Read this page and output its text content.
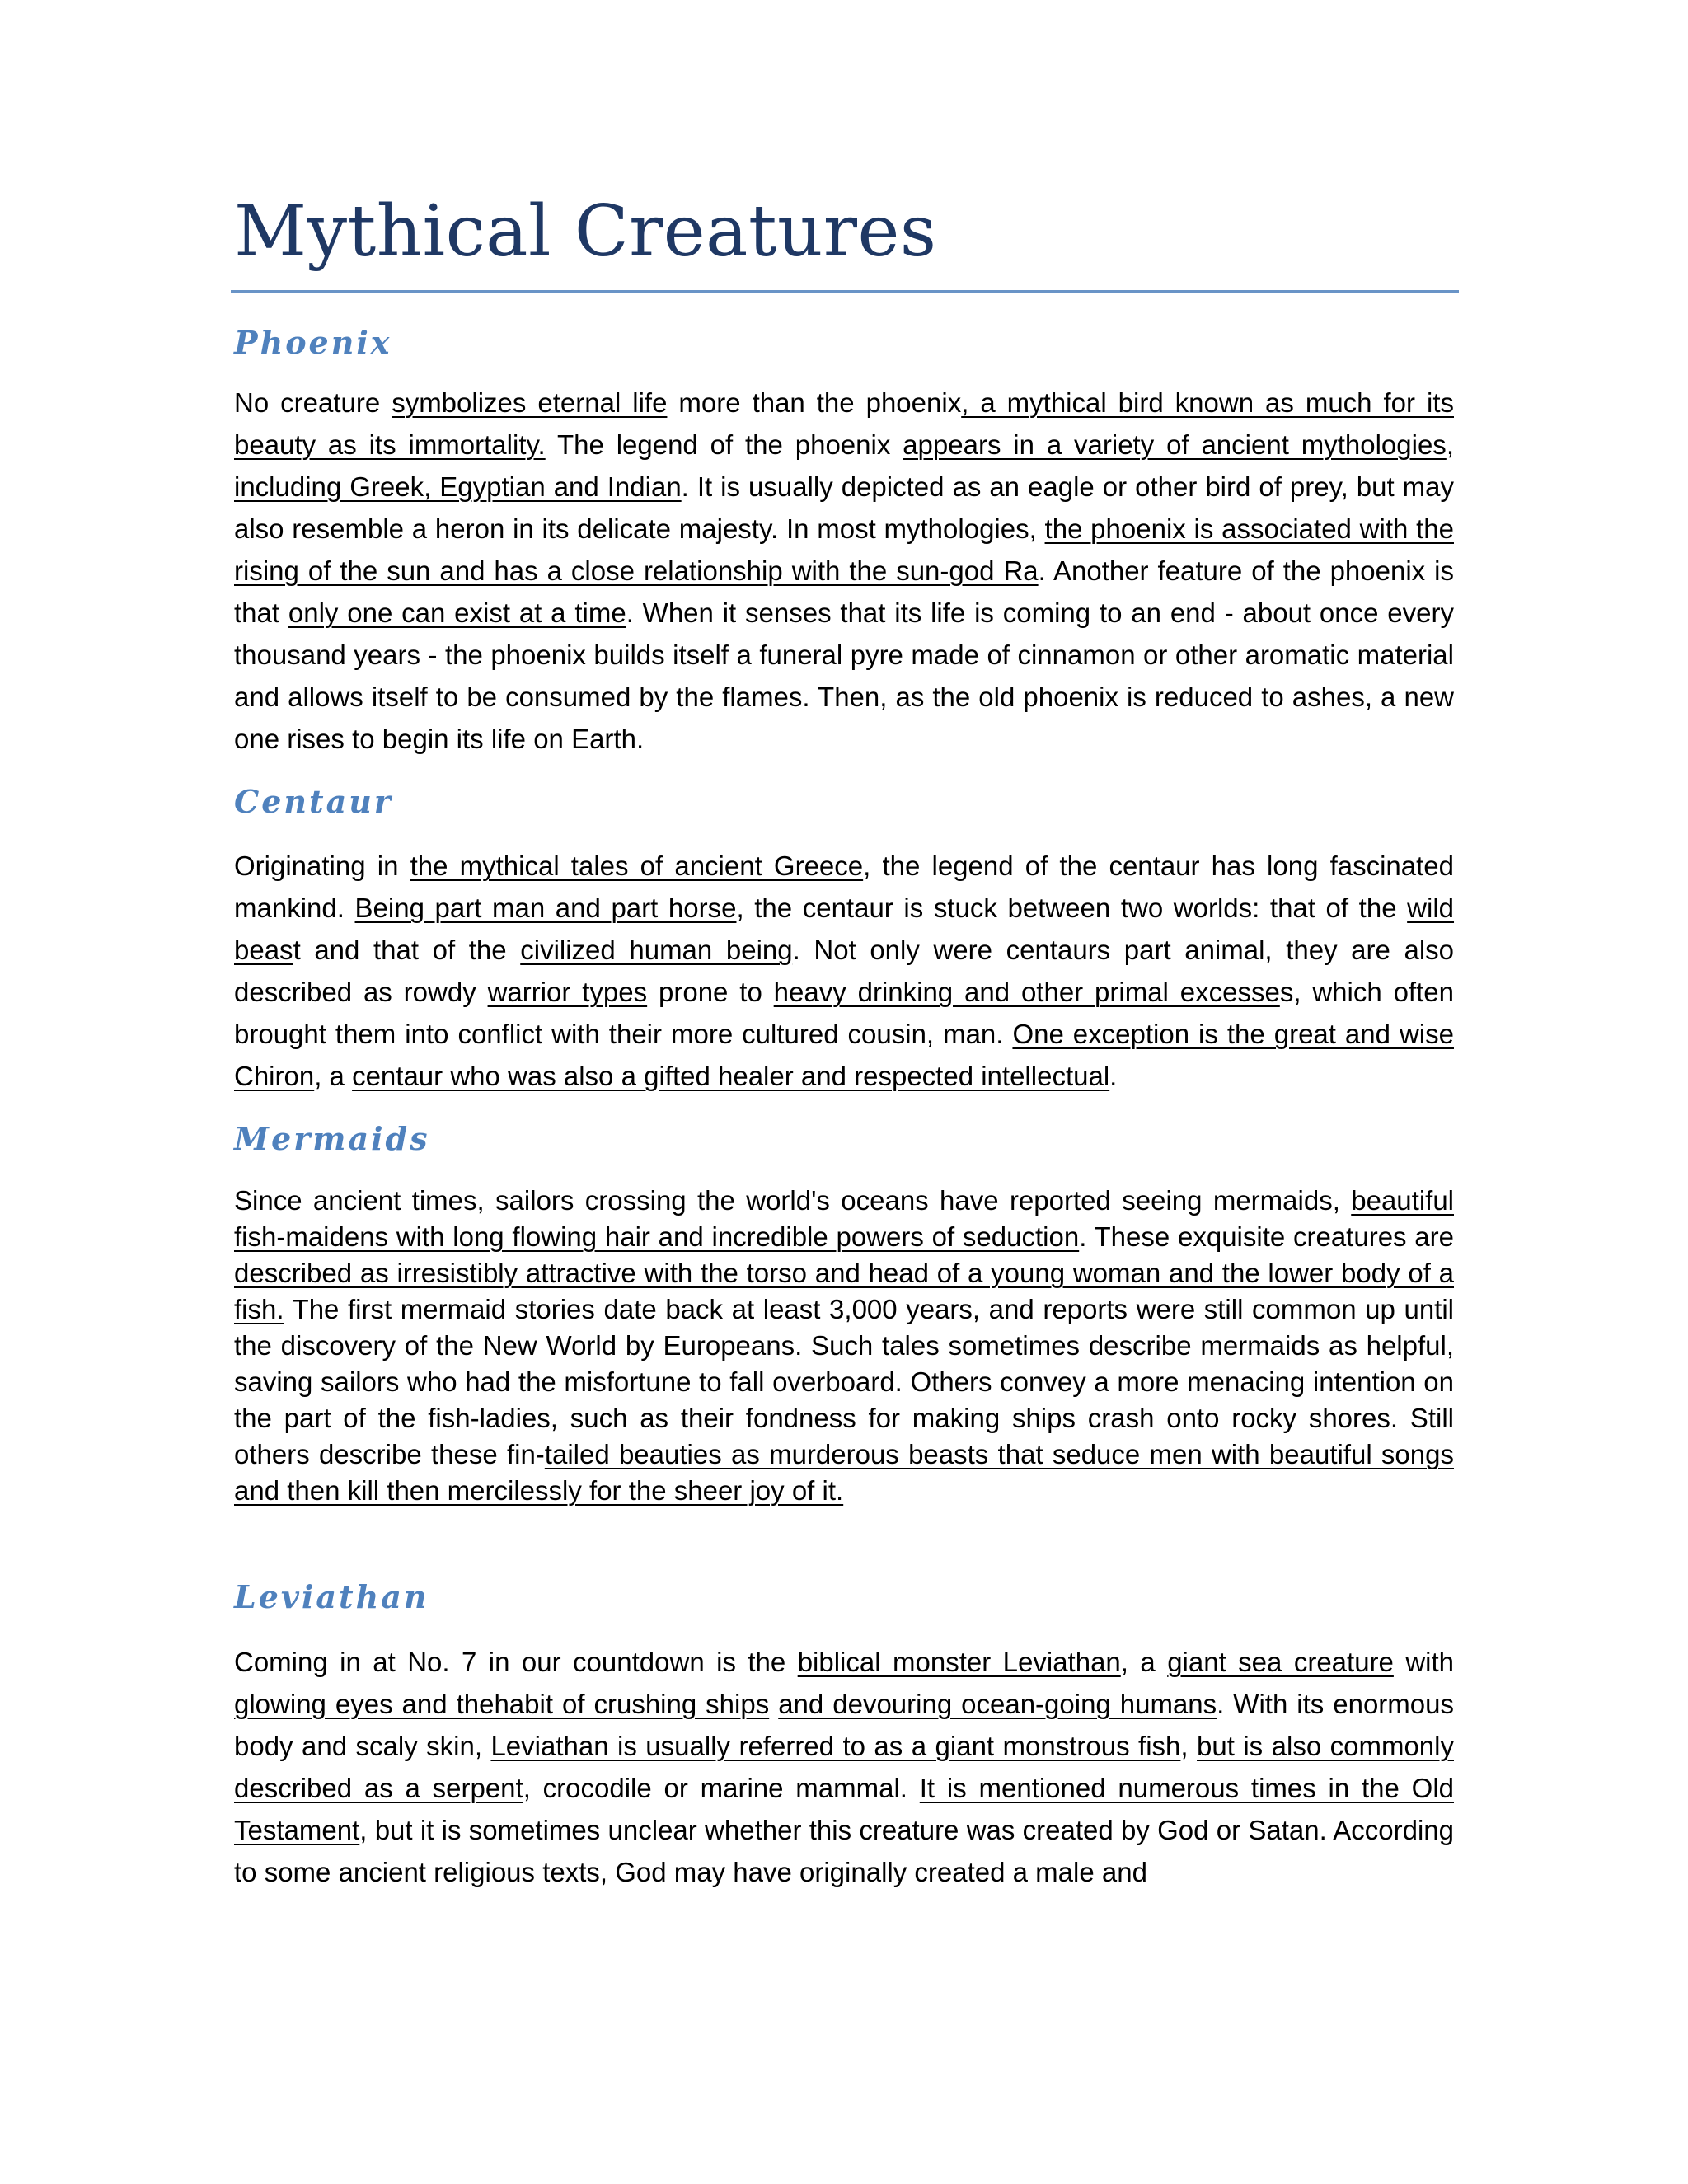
Mythical Creatures
Phoenix

No creature symbolizes eternal life more than the phoenix, a mythical bird known as much for its beauty as its immortality. The legend of the phoenix appears in a variety of ancient mythologies, including Greek, Egyptian and Indian. It is usually depicted as an eagle or other bird of prey, but may also resemble a heron in its delicate majesty. In most mythologies, the phoenix is associated with the rising of the sun and has a close relationship with the sun-god Ra. Another feature of the phoenix is that only one can exist at a time. When it senses that its life is coming to an end - about once every thousand years - the phoenix builds itself a funeral pyre made of cinnamon or other aromatic material and allows itself to be consumed by the flames. Then, as the old phoenix is reduced to ashes, a new one rises to begin its life on Earth.

Centaur

Originating in the mythical tales of ancient Greece, the legend of the centaur has long fascinated mankind. Being part man and part horse, the centaur is stuck between two worlds: that of the wild beast and that of the civilized human being. Not only were centaurs part animal, they are also described as rowdy warrior types prone to heavy drinking and other primal excesses, which often brought them into conflict with their more cultured cousin, man. One exception is the great and wise Chiron, a centaur who was also a gifted healer and respected intellectual.

Mermaids

Since ancient times, sailors crossing the world's oceans have reported seeing mermaids, beautiful fish-maidens with long flowing hair and incredible powers of seduction. These exquisite creatures are described as irresistibly attractive with the torso and head of a young woman and the lower body of a fish. The first mermaid stories date back at least 3,000 years, and reports were still common up until the discovery of the New World by Europeans. Such tales sometimes describe mermaids as helpful, saving sailors who had the misfortune to fall overboard. Others convey a more menacing intention on the part of the fish-ladies, such as their fondness for making ships crash onto rocky shores. Still others describe these fin-tailed beauties as murderous beasts that seduce men with beautiful songs and then kill then mercilessly for the sheer joy of it.

Leviathan

Coming in at No. 7 in our countdown is the biblical monster Leviathan, a giant sea creature with glowing eyes and thehabit of crushing ships and devouring ocean-going humans. With its enormous body and scaly skin, Leviathan is usually referred to as a giant monstrous fish, but is also commonly described as a serpent, crocodile or marine mammal. It is mentioned numerous times in the Old Testament, but it is sometimes unclear whether this creature was created by God or Satan. According to some ancient religious texts, God may have originally created a male and
